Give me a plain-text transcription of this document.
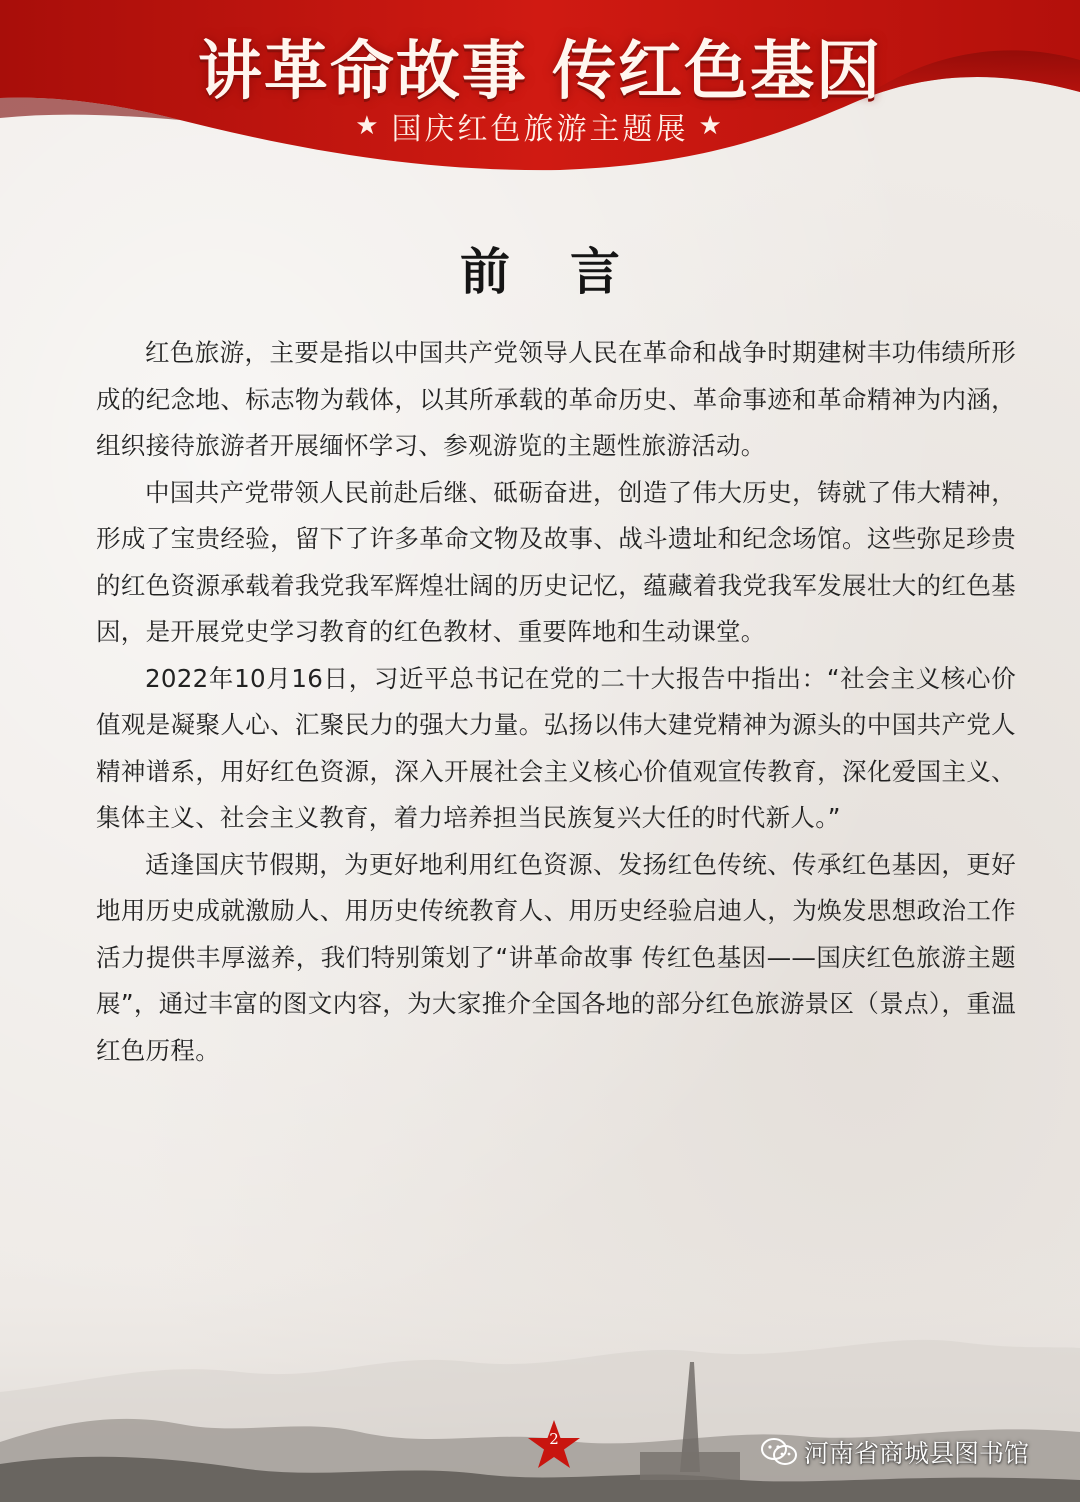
讲革命故事 传红色基因
★ 国庆红色旅游主题展 ★
前言

红色旅游，主要是指以中国共产党领导人民在革命和战争时期建树丰功伟绩所形成的纪念地、标志物为载体，以其所承载的革命历史、革命事迹和革命精神为内涵，组织接待旅游者开展缅怀学习、参观游览的主题性旅游活动。

中国共产党带领人民前赴后继、砥砺奋进，创造了伟大历史，铸就了伟大精神，形成了宝贵经验，留下了许多革命文物及故事、战斗遗址和纪念场馆。这些弥足珍贵的红色资源承载着我党我军辉煌壮阔的历史记忆，蕴藏着我党我军发展壮大的红色基因，是开展党史学习教育的红色教材、重要阵地和生动课堂。

2022年10月16日，习近平总书记在党的二十大报告中指出：“社会主义核心价值观是凝聚人心、汇聚民力的强大力量。弘扬以伟大建党精神为源头的中国共产党人精神谱系，用好红色资源，深入开展社会主义核心价值观宣传教育，深化爱国主义、集体主义、社会主义教育，着力培养担当民族复兴大任的时代新人。”

适逢国庆节假期，为更好地利用红色资源、发扬红色传统、传承红色基因，更好地用历史成就激励人、用历史传统教育人、用历史经验启迪人，为焕发思想政治工作活力提供丰厚滋养，我们特别策划了“讲革命故事 传红色基因——国庆红色旅游主题展”，通过丰富的图文内容，为大家推介全国各地的部分红色旅游景区（景点），重温红色历程。

2	河南省商城县图书馆
